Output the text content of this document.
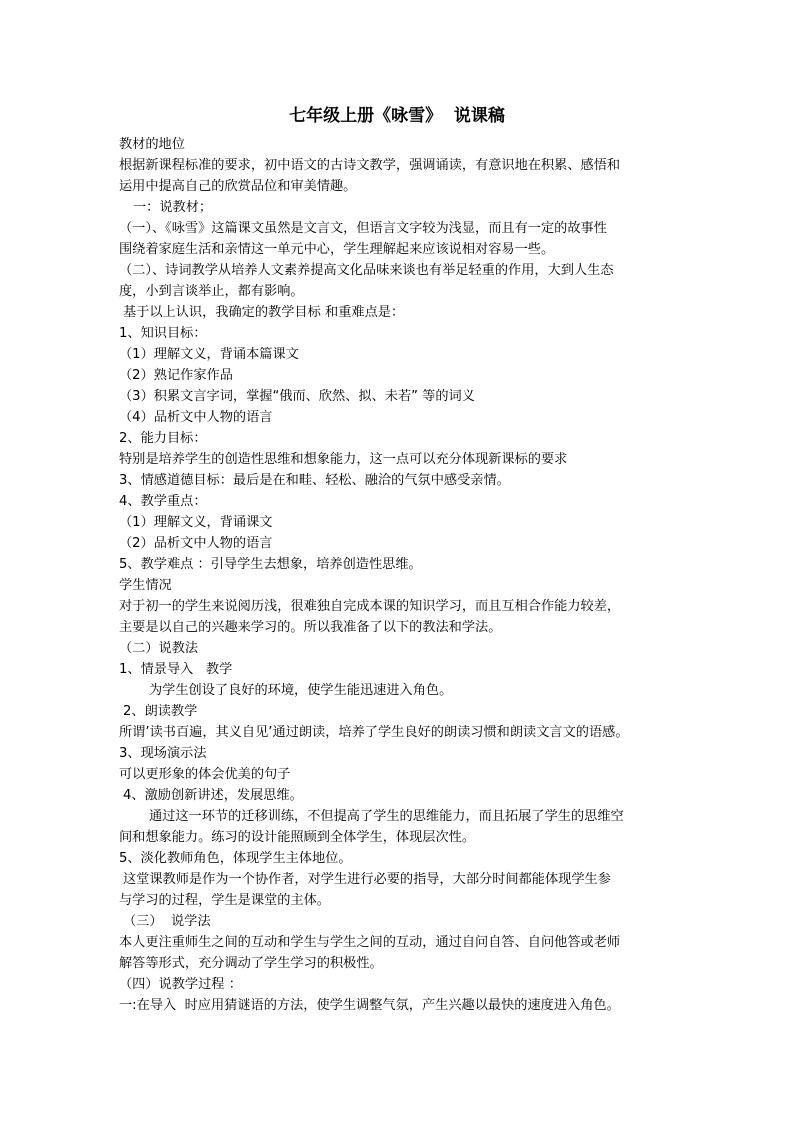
七年级上册《咏雪》  说课稿
教材的地位
根据新课程标准的要求，初中语文的古诗文教学，强调诵读，有意识地在积累、感悟和
运用中提高自己的欣赏品位和审美情趣。
一：说教材；
（一）、《咏雪》这篇课文虽然是文言文，但语言文字较为浅显，而且有一定的故事性
围绕着家庭生活和亲情这一单元中心，学生理解起来应该说相对容易一些。
（二）、诗词教学从培养人文素养提高文化品味来谈也有举足轻重的作用，大到人生态
度，小到言谈举止，都有影响。
基于以上认识，我确定的教学目标 和重难点是：
1、知识目标：
（1）理解文义，背诵本篇课文
（2）熟记作家作品
（3）积累文言字词，掌握“俄而、欣然、拟、未若” 等的词义
（4）品析文中人物的语言
2、能力目标：
特别是培养学生的创造性思维和想象能力，这一点可以充分体现新课标的要求
3、情感道德目标：最后是在和畦、轻松、融洽的气氛中感受亲情。
4、教学重点：
（1）理解文义，背诵课文
（2）品析文中人物的语言
5、教学难点 ：引导学生去想象，培养创造性思维。
学生情况
对于初一的学生来说阅历浅，很难独自完成本课的知识学习，而且互相合作能力较差，
主要是以自己的兴趣来学习的。所以我准备了以下的教法和学法。
（二）说教法
1、情景导入   教学
为学生创设了良好的环境，使学生能迅速进入角色。
2、朗读教学
所谓’读书百遍，其义自见’通过朗读，培养了学生良好的朗读习惯和朗读文言文的语感。
3、现场演示法
可以更形象的体会优美的句子
4、激励创新讲述，发展思维。
通过这一环节的迁移训练，不但提高了学生的思维能力，而且拓展了学生的思维空
间和想象能力。练习的设计能照顾到全体学生，体现层次性。
5、淡化教师角色，体现学生主体地位。
这堂课教师是作为一个协作者，对学生进行必要的指导，大部分时间都能体现学生参
与学习的过程，学生是课堂的主体。
（三）  说学法
本人更注重师生之间的互动和学生与学生之间的互动，通过自问自答、自问他答或老师
解答等形式，充分调动了学生学习的积极性。
（四）说教学过程 ：
一:在导入  时应用猜谜语的方法，使学生调整气氛，产生兴趣以最快的速度进入角色。
